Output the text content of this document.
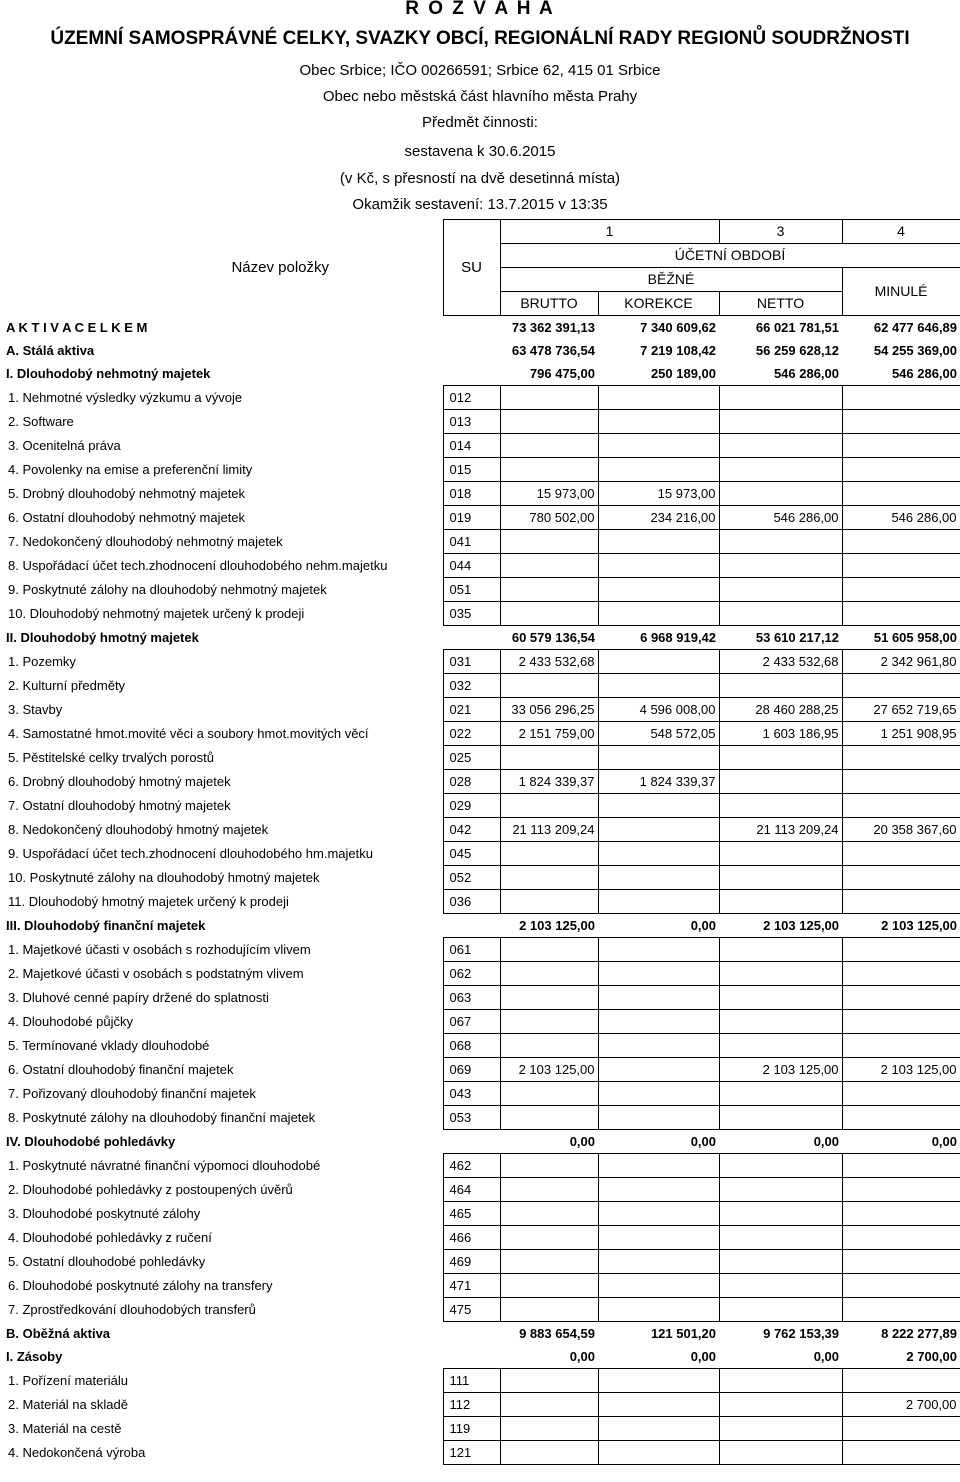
R O Z V A H A
ÚZEMNÍ SAMOSPRÁVNÉ CELKY, SVAZKY OBCÍ, REGIONÁLNÍ RADY REGIONŮ SOUDRŽNOSTI
Obec Srbice; IČO 00266591; Srbice 62, 415 01 Srbice
Obec nebo městská část hlavního města Prahy
Předmět činnosti:
sestavena k 30.6.2015
(v Kč, s přesností na dvě desetinná místa)
Okamžik sestavení: 13.7.2015 v 13:35
Název položky	SU	1		3	4
		ÚČETNÍ OBDOBÍ			
		BĚŽNÉ			MINULÉ
		BRUTTO	KOREKCE	NETTO	
A K T I V A C E L K E M		73 362 391,13	7 340 609,62	66 021 781,51	62 477 646,89
A. Stálá aktiva		63 478 736,54	7 219 108,42	56 259 628,12	54 255 369,00
I. Dlouhodobý nehmotný majetek		796 475,00	250 189,00	546 286,00	546 286,00
1. Nehmotné výsledky výzkumu a vývoje	012				
2. Software	013				
3. Ocenitelná práva	014				
4. Povolenky na emise a preferenční limity	015				
5. Drobný dlouhodobý nehmotný majetek	018	15 973,00	15 973,00		
6. Ostatní dlouhodobý nehmotný majetek	019	780 502,00	234 216,00	546 286,00	546 286,00
7. Nedokončený dlouhodobý nehmotný majetek	041				
8. Uspořádací účet tech.zhodnocení dlouhodobého nehm.majetku	044				
9. Poskytnuté zálohy na dlouhodobý nehmotný majetek	051				
10. Dlouhodobý nehmotný majetek určený k prodeji	035				
II. Dlouhodobý hmotný majetek		60 579 136,54	6 968 919,42	53 610 217,12	51 605 958,00
1. Pozemky	031	2 433 532,68		2 433 532,68	2 342 961,80
2. Kulturní předměty	032				
3. Stavby	021	33 056 296,25	4 596 008,00	28 460 288,25	27 652 719,65
4. Samostatné hmot.movité věci a soubory hmot.movitých věcí	022	2 151 759,00	548 572,05	1 603 186,95	1 251 908,95
5. Pěstitelské celky trvalých porostů	025				
6. Drobný dlouhodobý hmotný majetek	028	1 824 339,37	1 824 339,37		
7. Ostatní dlouhodobý hmotný majetek	029				
8. Nedokončený dlouhodobý hmotný majetek	042	21 113 209,24		21 113 209,24	20 358 367,60
9. Uspořádací účet tech.zhodnocení dlouhodobého hm.majetku	045				
10. Poskytnuté zálohy na dlouhodobý hmotný majetek	052				
11. Dlouhodobý hmotný majetek určený k prodeji	036				
III. Dlouhodobý finanční majetek		2 103 125,00	0,00	2 103 125,00	2 103 125,00
1. Majetkové účasti v osobách s rozhodujícím vlivem	061				
2. Majetkové účasti v osobách s podstatným vlivem	062				
3. Dluhové cenné papíry držené do splatnosti	063				
4. Dlouhodobé půjčky	067				
5. Termínované vklady dlouhodobé	068				
6. Ostatní dlouhodobý finanční majetek	069	2 103 125,00		2 103 125,00	2 103 125,00
7. Pořizovaný dlouhodobý finanční majetek	043				
8. Poskytnuté zálohy na dlouhodobý finanční majetek	053				
IV. Dlouhodobé pohledávky		0,00	0,00	0,00	0,00
1. Poskytnuté návratné finanční výpomoci dlouhodobé	462				
2. Dlouhodobé pohledávky z postoupených úvěrů	464				
3. Dlouhodobé poskytnuté zálohy	465				
4. Dlouhodobé pohledávky z ručení	466				
5. Ostatní dlouhodobé pohledávky	469				
6. Dlouhodobé poskytnuté zálohy na transfery	471				
7. Zprostředkování dlouhodobých transferů	475				
B. Oběžná aktiva		9 883 654,59	121 501,20	9 762 153,39	8 222 277,89
I. Zásoby		0,00	0,00	0,00	2 700,00
1. Pořízení materiálu	111				
2. Materiál na skladě	112				2 700,00
3. Materiál na cestě	119				
4. Nedokončená výroba	121				
